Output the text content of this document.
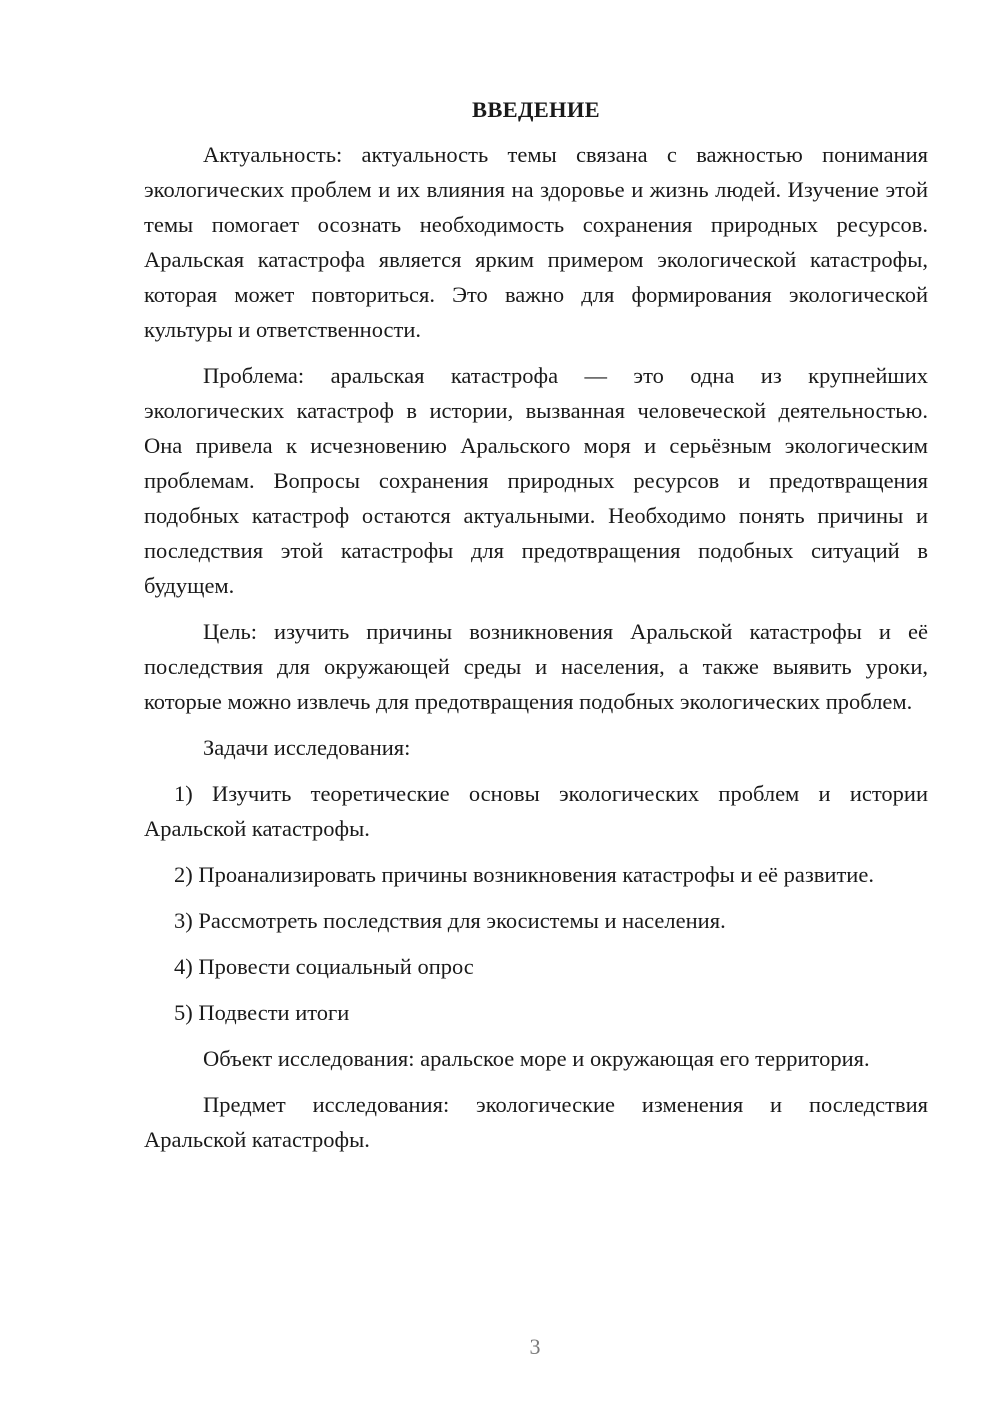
ВВЕДЕНИЕ

Актуальность: актуальность темы связана с важностью понимания экологических проблем и их влияния на здоровье и жизнь людей. Изучение этой темы помогает осознать необходимость сохранения природных ресурсов. Аральская катастрофа является ярким примером экологической катастрофы, которая может повториться. Это важно для формирования экологической культуры и ответственности.

Проблема: аральская катастрофа — это одна из крупнейших экологических катастроф в истории, вызванная человеческой деятельностью. Она привела к исчезновению Аральского моря и серьёзным экологическим проблемам. Вопросы сохранения природных ресурсов и предотвращения подобных катастроф остаются актуальными. Необходимо понять причины и последствия этой катастрофы для предотвращения подобных ситуаций в будущем.

Цель: изучить причины возникновения Аральской катастрофы и её последствия для окружающей среды и населения, а также выявить уроки, которые можно извлечь для предотвращения подобных экологических проблем.

Задачи исследования:

1) Изучить теоретические основы экологических проблем и истории Аральской катастрофы.

2) Проанализировать причины возникновения катастрофы и её развитие.

3) Рассмотреть последствия для экосистемы и населения.

4) Провести социальный опрос

5) Подвести итоги

Объект исследования: аральское море и окружающая его территория.

Предмет исследования: экологические изменения и последствия Аральской катастрофы.

3
